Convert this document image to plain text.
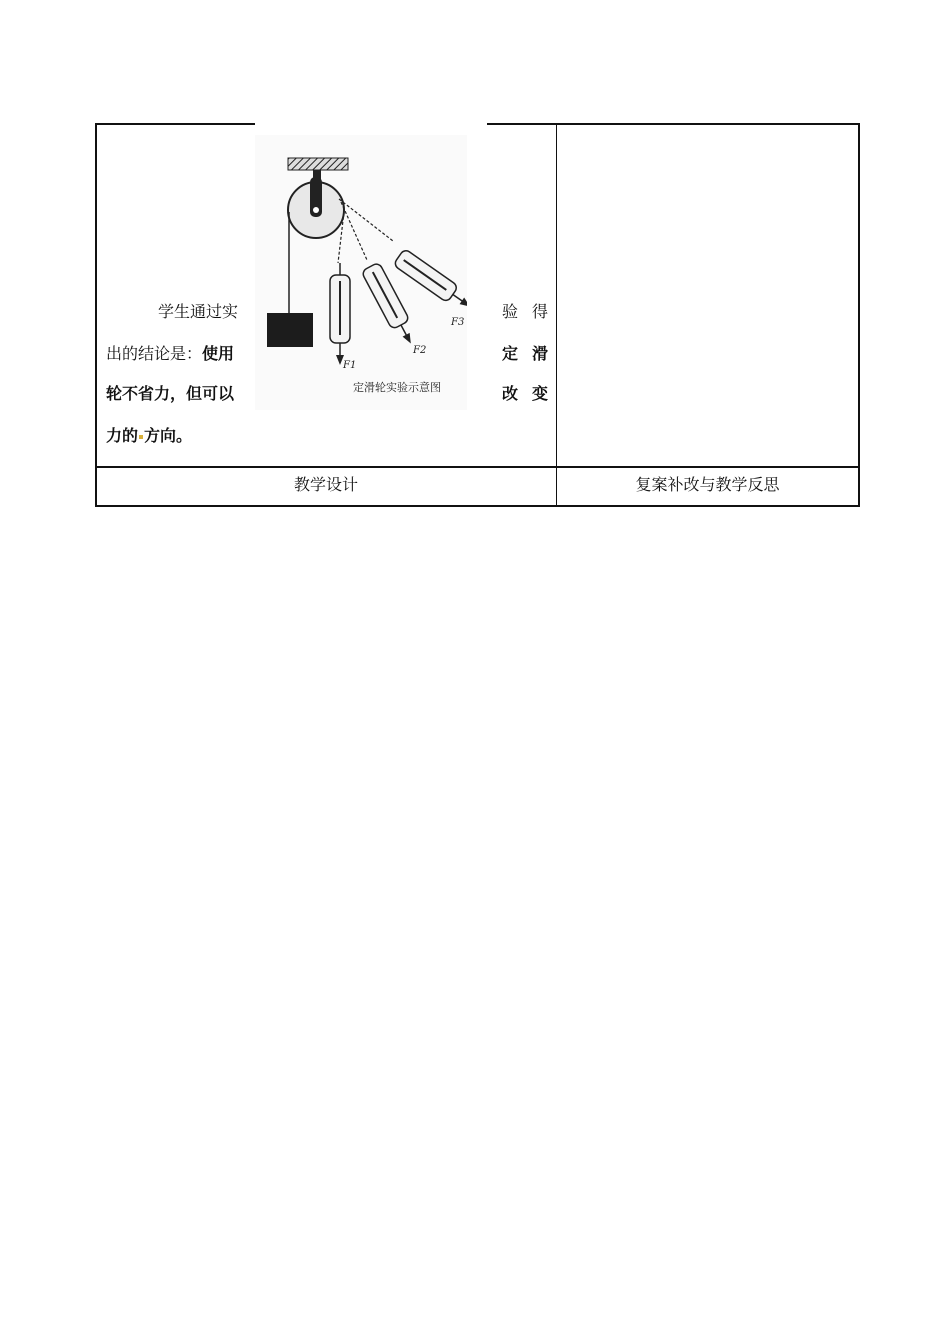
学生通过实	验 得
出的结论是：使用	定 滑
轮不省力，但可以	改 变
力的 方向。
F1
F2
F3
定滑轮实验示意图
教学设计	复案补改与教学反思
